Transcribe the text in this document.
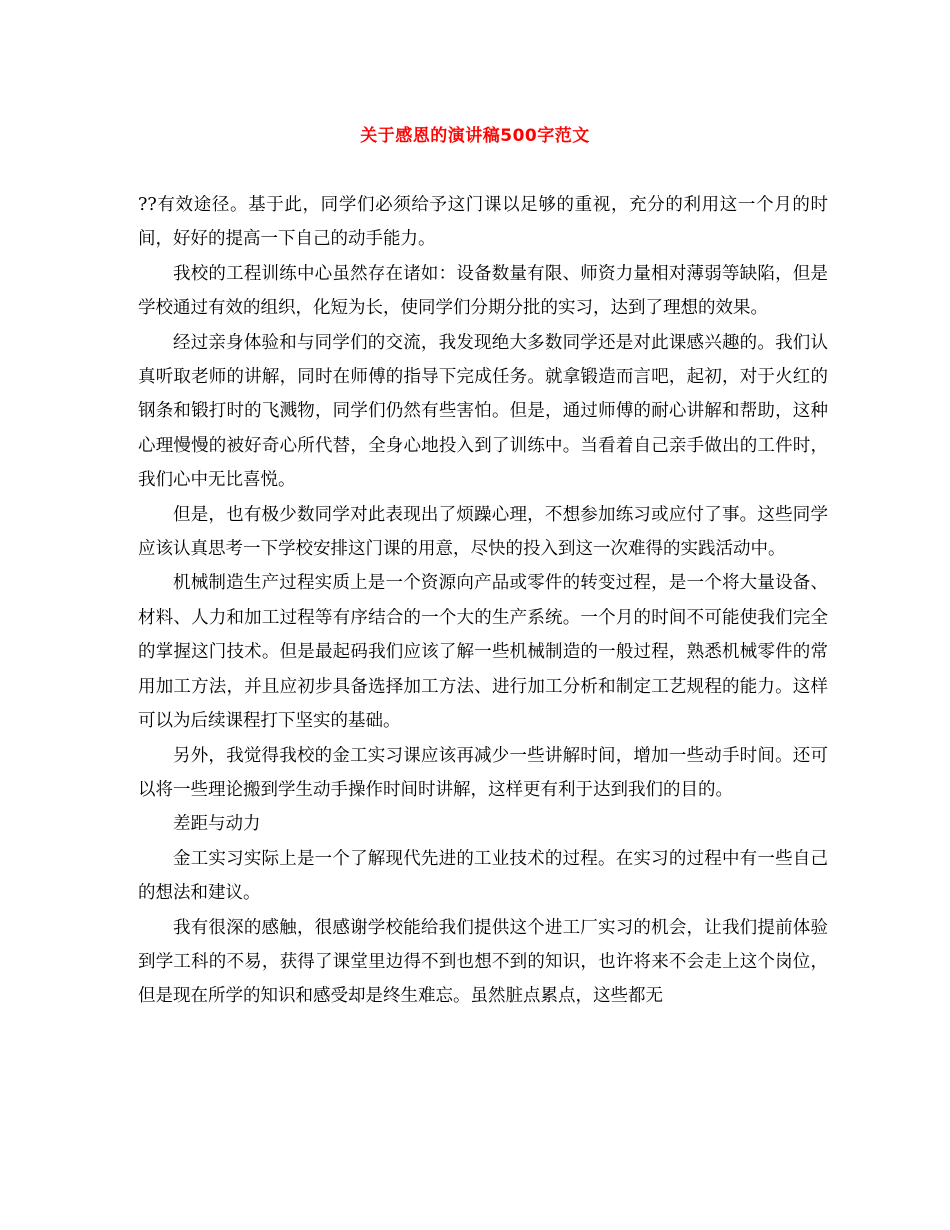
关于感恩的演讲稿500字范文

??有效途径。基于此，同学们必须给予这门课以足够的重视，充分的利用这一个月的时间，好好的提高一下自己的动手能力。

我校的工程训练中心虽然存在诸如：设备数量有限、师资力量相对薄弱等缺陷，但是学校通过有效的组织，化短为长，使同学们分期分批的实习，达到了理想的效果。

经过亲身体验和与同学们的交流，我发现绝大多数同学还是对此课感兴趣的。我们认真听取老师的讲解，同时在师傅的指导下完成任务。就拿锻造而言吧，起初，对于火红的钢条和锻打时的飞溅物，同学们仍然有些害怕。但是，通过师傅的耐心讲解和帮助，这种心理慢慢的被好奇心所代替，全身心地投入到了训练中。当看着自己亲手做出的工件时，我们心中无比喜悦。

但是，也有极少数同学对此表现出了烦躁心理，不想参加练习或应付了事。这些同学应该认真思考一下学校安排这门课的用意，尽快的投入到这一次难得的实践活动中。

机械制造生产过程实质上是一个资源向产品或零件的转变过程，是一个将大量设备、材料、人力和加工过程等有序结合的一个大的生产系统。一个月的时间不可能使我们完全的掌握这门技术。但是最起码我们应该了解一些机械制造的一般过程，熟悉机械零件的常用加工方法，并且应初步具备选择加工方法、进行加工分析和制定工艺规程的能力。这样可以为后续课程打下坚实的基础。

另外，我觉得我校的金工实习课应该再减少一些讲解时间，增加一些动手时间。还可以将一些理论搬到学生动手操作时间时讲解，这样更有利于达到我们的目的。

差距与动力

金工实习实际上是一个了解现代先进的工业技术的过程。在实习的过程中有一些自己的想法和建议。

我有很深的感触，很感谢学校能给我们提供这个进工厂实习的机会，让我们提前体验到学工科的不易，获得了课堂里边得不到也想不到的知识，也许将来不会走上这个岗位，但是现在所学的知识和感受却是终生难忘。虽然脏点累点，这些都无
